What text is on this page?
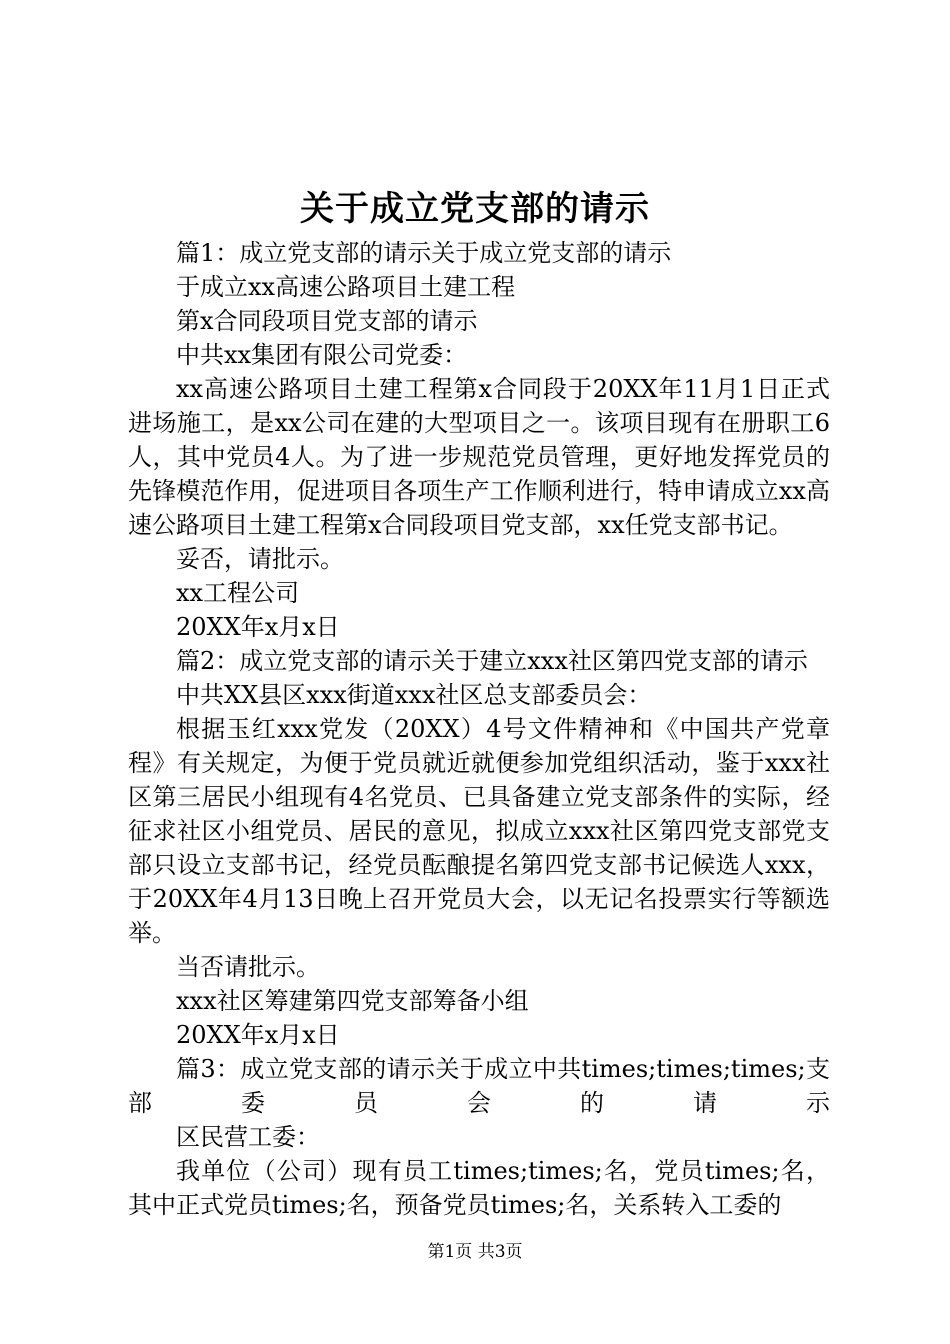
关于成立党支部的请示

篇1：成立党支部的请示关于成立党支部的请示

于成立xx高速公路项目土建工程

第x合同段项目党支部的请示

中共xx集团有限公司党委：

xx高速公路项目土建工程第x合同段于20XX年11月1日正式进场施工，是xx公司在建的大型项目之一。该项目现有在册职工6人，其中党员4人。为了进一步规范党员管理，更好地发挥党员的先锋模范作用，促进项目各项生产工作顺利进行，特申请成立xx高速公路项目土建工程第x合同段项目党支部，xx任党支部书记。

妥否，请批示。

xx工程公司

20XX年x月x日

篇2：成立党支部的请示关于建立xxx社区第四党支部的请示

中共XX县区xxx街道xxx社区总支部委员会：

根据玉红xxx党发（20XX）4号文件精神和《中国共产党章程》有关规定，为便于党员就近就便参加党组织活动，鉴于xxx社区第三居民小组现有4名党员、已具备建立党支部条件的实际，经征求社区小组党员、居民的意见，拟成立xxx社区第四党支部党支部只设立支部书记，经党员酝酿提名第四党支部书记候选人xxx，于20XX年4月13日晚上召开党员大会，以无记名投票实行等额选举。

当否请批示。

xxx社区筹建第四党支部筹备小组

20XX年x月x日

篇3：成立党支部的请示关于成立中共times;times;times;支部委员会的请示

区民营工委：

我单位（公司）现有员工times;times;名，党员times;名，其中正式党员times;名，预备党员times;名，关系转入工委的

第1页 共3页
